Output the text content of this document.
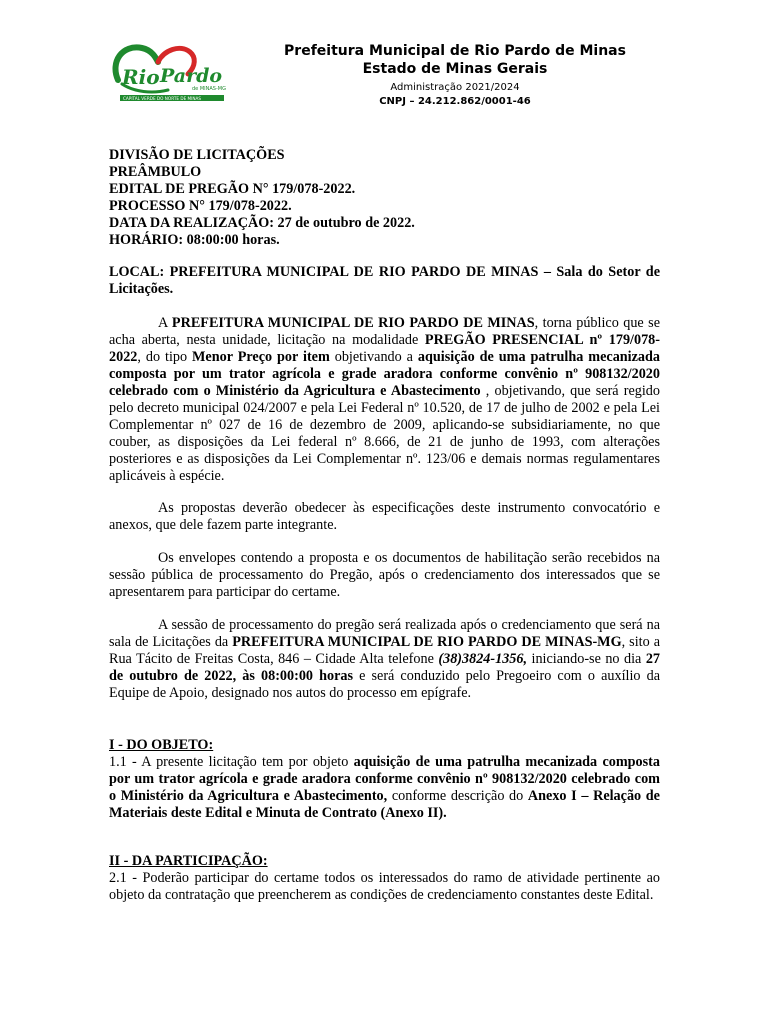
Rio Pardo
de MINAS-MG
CAPITAL VERDE DO NORTE DE MINAS
Prefeitura Municipal de Rio Pardo de Minas
Estado de Minas Gerais
Administração 2021/2024
CNPJ – 24.212.862/0001-46
DIVISÃO DE LICITAÇÕES
PREÂMBULO
EDITAL DE PREGÃO N° 179/078-2022.
PROCESSO N° 179/078-2022.
DATA DA REALIZAÇÃO: 27 de outubro de 2022.
HORÁRIO: 08:00:00 horas.
LOCAL: PREFEITURA MUNICIPAL DE RIO PARDO DE MINAS – Sala do Setor de Licitações.
A PREFEITURA MUNICIPAL DE RIO PARDO DE MINAS, torna público que se acha aberta, nesta unidade, licitação na modalidade PREGÃO PRESENCIAL nº 179/078-2022, do tipo Menor Preço por item objetivando a aquisição de uma patrulha mecanizada composta por um trator agrícola e grade aradora conforme convênio nº 908132/2020 celebrado com o Ministério da Agricultura e Abastecimento , objetivando, que será regido pelo decreto municipal 024/2007 e pela Lei Federal nº 10.520, de 17 de julho de 2002 e pela Lei Complementar nº 027 de 16 de dezembro de 2009, aplicando-se subsidiariamente, no que couber, as disposições da Lei federal nº 8.666, de 21 de junho de 1993, com alterações posteriores e as disposições da Lei Complementar nº. 123/06 e demais normas regulamentares aplicáveis à espécie.
As propostas deverão obedecer às especificações deste instrumento convocatório e anexos, que dele fazem parte integrante.
Os envelopes contendo a proposta e os documentos de habilitação serão recebidos na sessão pública de processamento do Pregão, após o credenciamento dos interessados que se apresentarem para participar do certame.
A sessão de processamento do pregão será realizada após o credenciamento que será na sala de Licitações da PREFEITURA MUNICIPAL DE RIO PARDO DE MINAS-MG, sito a Rua Tácito de Freitas Costa, 846 – Cidade Alta telefone (38)3824-1356, iniciando-se no dia 27 de outubro de 2022, às 08:00:00 horas e será conduzido pelo Pregoeiro com o auxílio da Equipe de Apoio, designado nos autos do processo em epígrafe.
I - DO OBJETO:
1.1 - A presente licitação tem por objeto aquisição de uma patrulha mecanizada composta por um trator agrícola e grade aradora conforme convênio nº 908132/2020 celebrado com o Ministério da Agricultura e Abastecimento, conforme descrição do Anexo I – Relação de Materiais deste Edital e Minuta de Contrato (Anexo II).
II - DA PARTICIPAÇÃO:
2.1 - Poderão participar do certame todos os interessados do ramo de atividade pertinente ao objeto da contratação que preencherem as condições de credenciamento constantes deste Edital.
